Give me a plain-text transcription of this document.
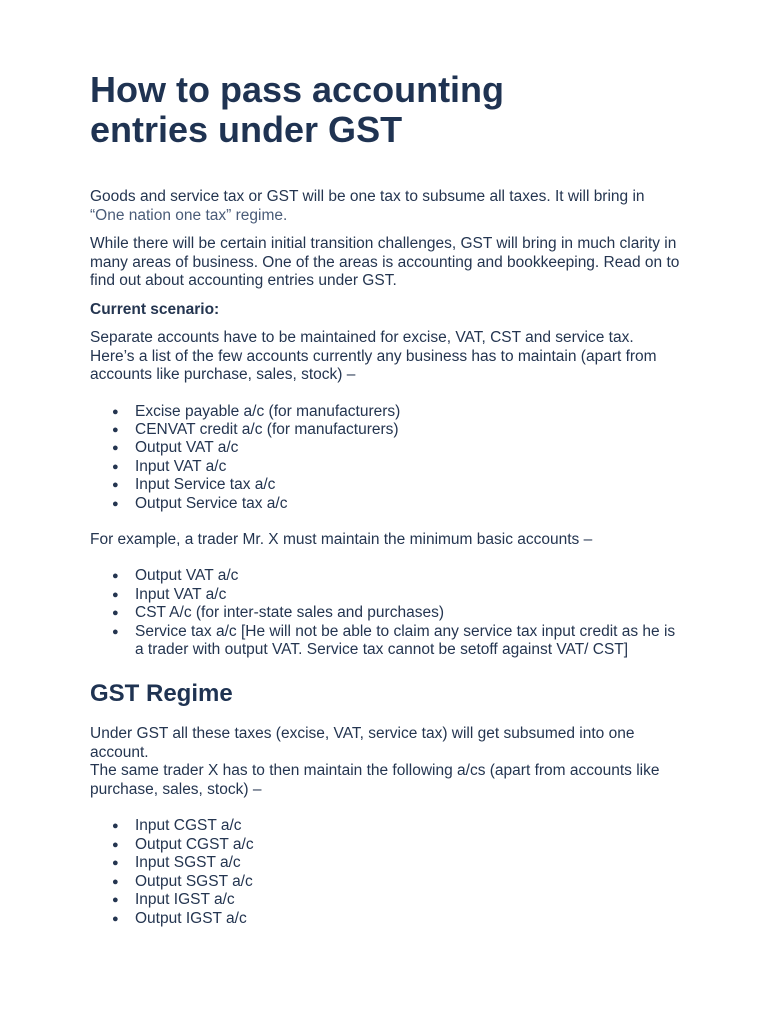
How to pass accounting entries under GST

Goods and service tax or GST will be one tax to subsume all taxes. It will bring in

“One nation one tax” regime.

While there will be certain initial transition challenges, GST will bring in much clarity in many areas of business. One of the areas is accounting and bookkeeping. Read on to find out about accounting entries under GST.

Current scenario:

Separate accounts have to be maintained for excise, VAT, CST and service tax.

Here’s a list of the few accounts currently any business has to maintain (apart from accounts like purchase, sales, stock) –

● Excise payable a/c (for manufacturers)
● CENVAT credit a/c (for manufacturers)
● Output VAT a/c
● Input VAT a/c
● Input Service tax a/c
● Output Service tax a/c

For example, a trader Mr. X must maintain the minimum basic accounts –

● Output VAT a/c
● Input VAT a/c
● CST A/c (for inter-state sales and purchases)
● Service tax a/c [He will not be able to claim any service tax input credit as he is a trader with output VAT. Service tax cannot be setoff against VAT/ CST]
GST Regime

Under GST all these taxes (excise, VAT, service tax) will get subsumed into one account.

The same trader X has to then maintain the following a/cs (apart from accounts like purchase, sales, stock) –

● Input CGST a/c
● Output CGST a/c
● Input SGST a/c
● Output SGST a/c
● Input IGST a/c
● Output IGST a/c
